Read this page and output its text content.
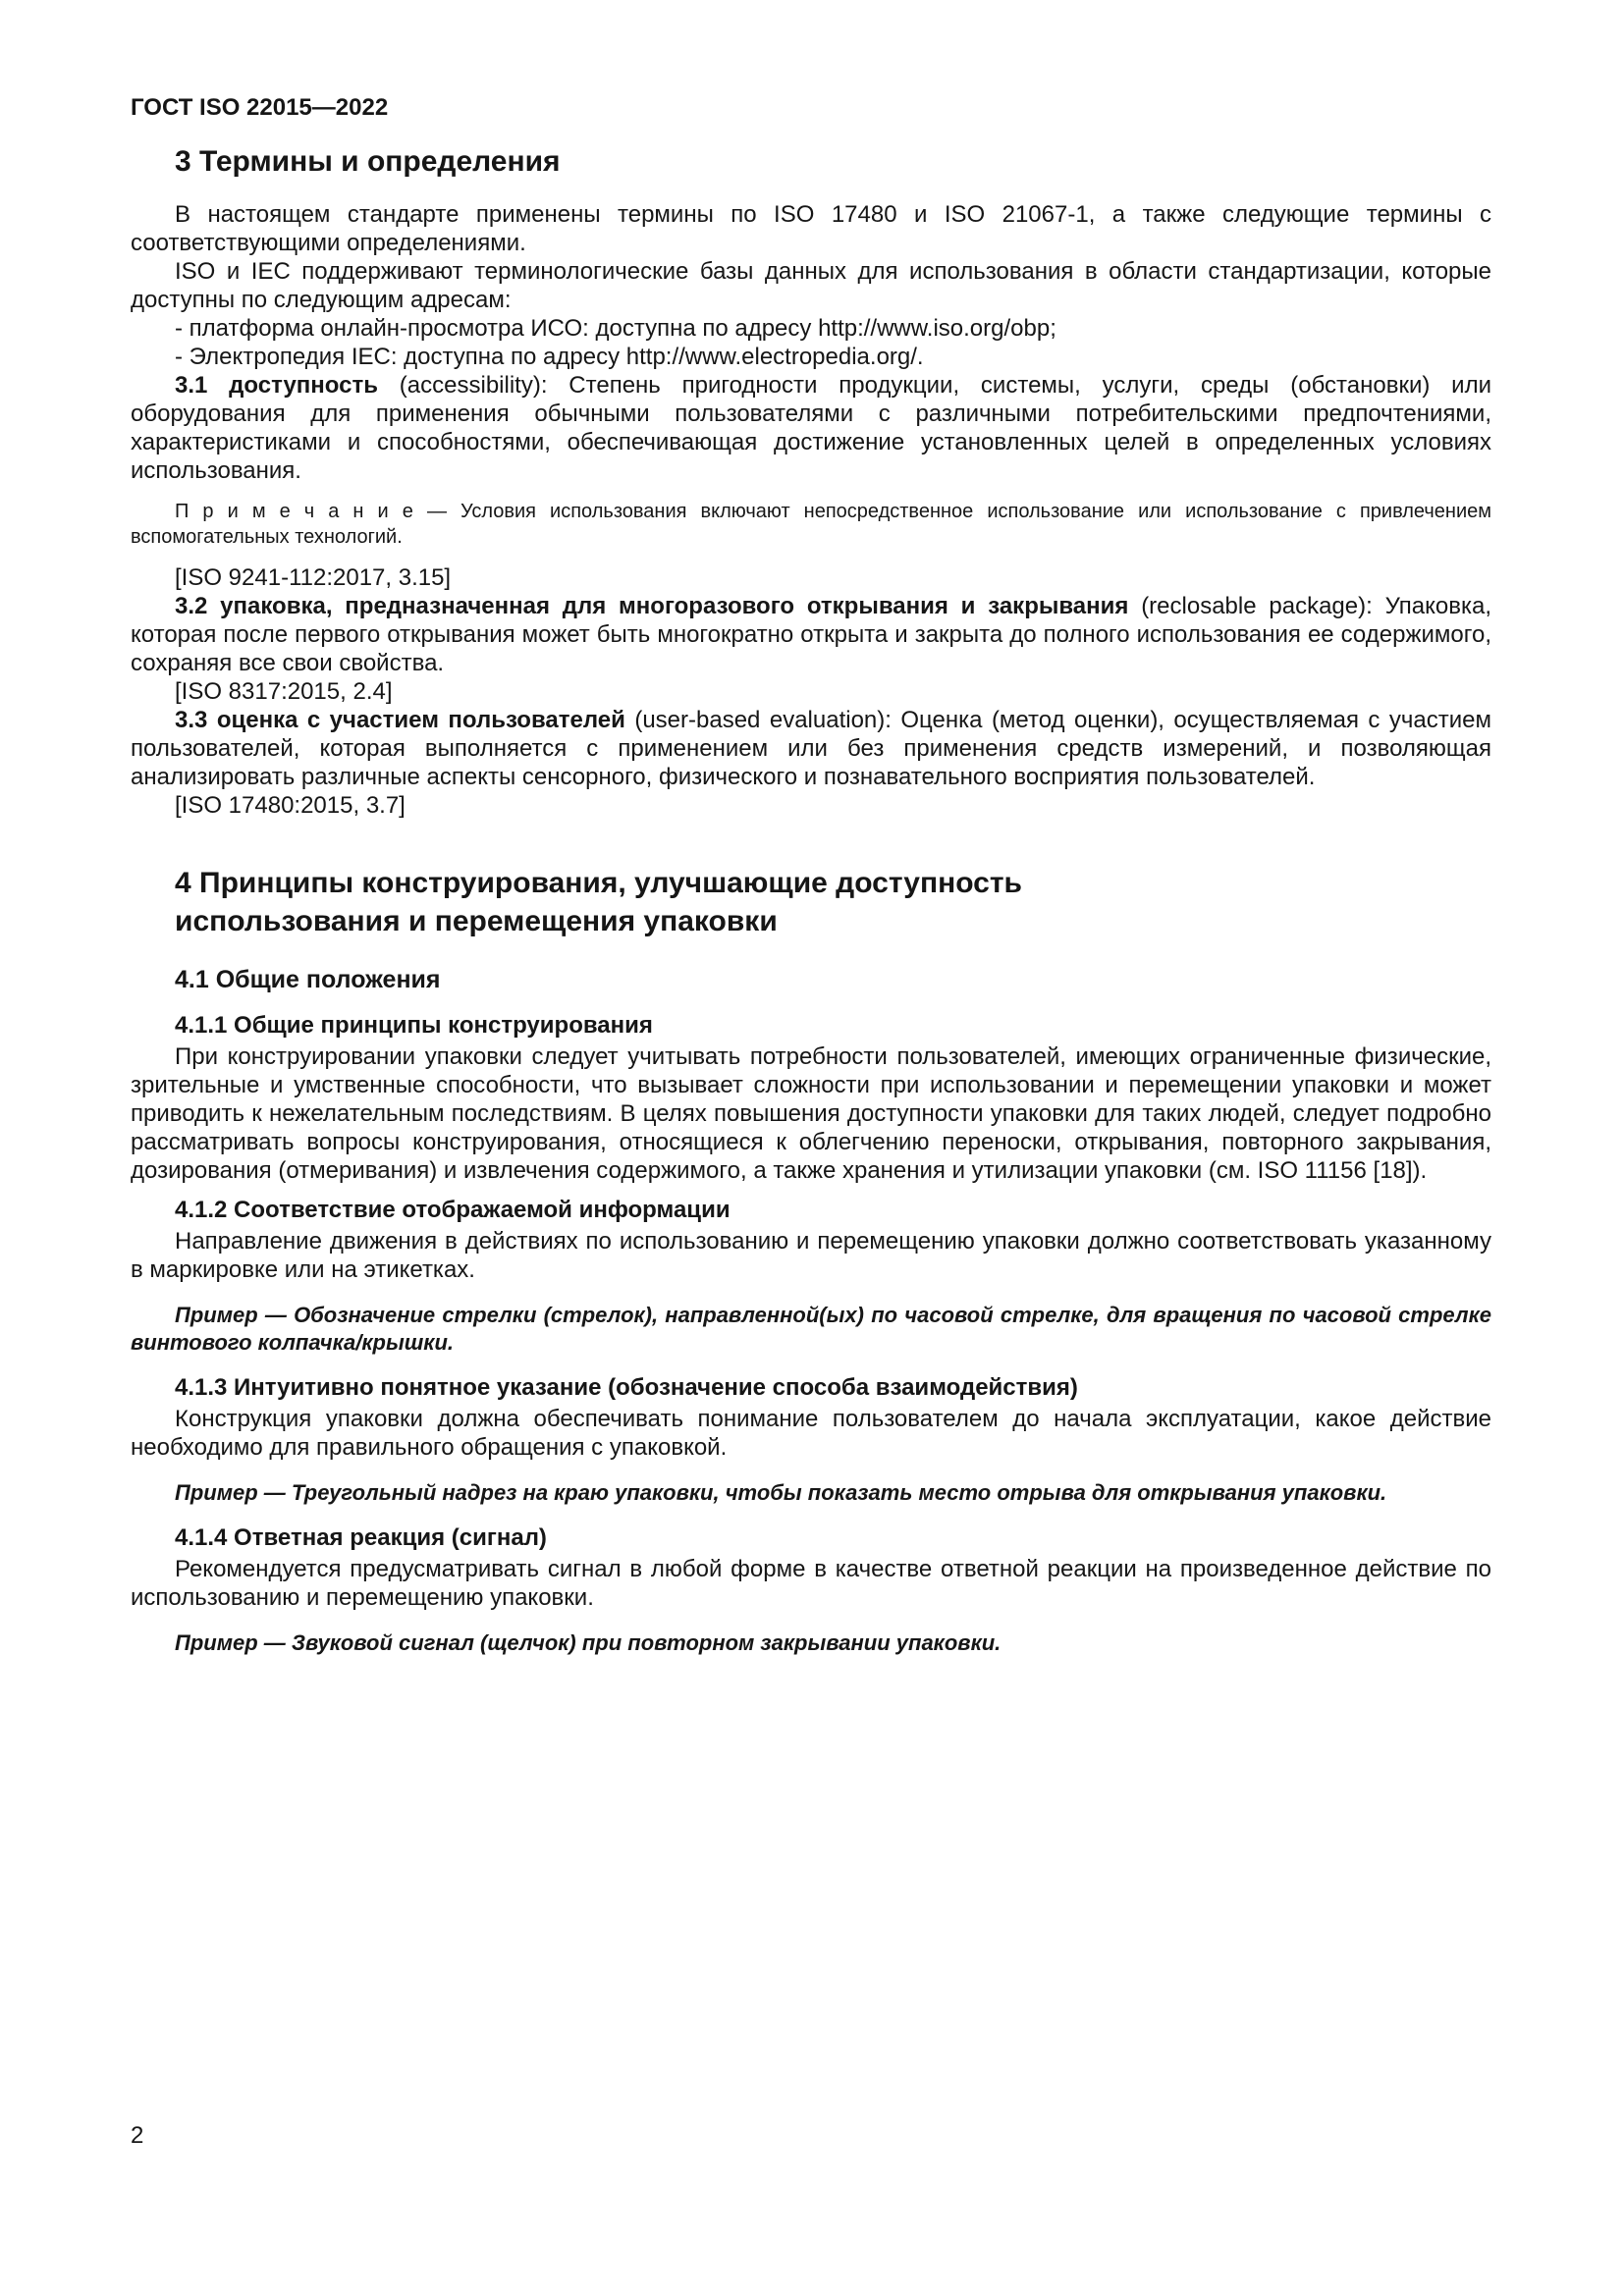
ГОСТ ISO 22015—2022
3 Термины и определения

В настоящем стандарте применены термины по ISO 17480 и ISO 21067-1, а также следующие термины с соответствующими определениями.

ISO и IEC поддерживают терминологические базы данных для использования в области стандартизации, которые доступны по следующим адресам:

- платформа онлайн-просмотра ИСО: доступна по адресу http://www.iso.org/obp;

- Электропедия IEC: доступна по адресу http://www.electropedia.org/.

3.1 доступность (accessibility): Степень пригодности продукции, системы, услуги, среды (обстановки) или оборудования для применения обычными пользователями с различными потребительскими предпочтениями, характеристиками и способностями, обеспечивающая достижение установленных целей в определенных условиях использования.

П р и м е ч а н и е — Условия использования включают непосредственное использование или использование с привлечением вспомогательных технологий.

[ISO 9241-112:2017, 3.15]

3.2 упаковка, предназначенная для многоразового открывания и закрывания (reclosable package): Упаковка, которая после первого открывания может быть многократно открыта и закрыта до полного использования ее содержимого, сохраняя все свои свойства.

[ISO 8317:2015, 2.4]

3.3 оценка с участием пользователей (user-based evaluation): Оценка (метод оценки), осуществляемая с участием пользователей, которая выполняется с применением или без применения средств измерений, и позволяющая анализировать различные аспекты сенсорного, физического и познавательного восприятия пользователей.

[ISO 17480:2015, 3.7]

4 Принципы конструирования, улучшающие доступность использования и перемещения упаковки
4.1 Общие положения
4.1.1 Общие принципы конструирования

При конструировании упаковки следует учитывать потребности пользователей, имеющих ограниченные физические, зрительные и умственные способности, что вызывает сложности при использовании и перемещении упаковки и может приводить к нежелательным последствиям. В целях повышения доступности упаковки для таких людей, следует подробно рассматривать вопросы конструирования, относящиеся к облегчению переноски, открывания, повторного закрывания, дозирования (отмеривания) и извлечения содержимого, а также хранения и утилизации упаковки (см. ISO 11156 [18]).

4.1.2 Соответствие отображаемой информации

Направление движения в действиях по использованию и перемещению упаковки должно соответствовать указанному в маркировке или на этикетках.

Пример — Обозначение стрелки (стрелок), направленной(ых) по часовой стрелке, для вращения по часовой стрелке винтового колпачка/крышки.

4.1.3 Интуитивно понятное указание (обозначение способа взаимодействия)

Конструкция упаковки должна обеспечивать понимание пользователем до начала эксплуатации, какое действие необходимо для правильного обращения с упаковкой.

Пример — Треугольный надрез на краю упаковки, чтобы показать место отрыва для открывания упаковки.

4.1.4 Ответная реакция (сигнал)

Рекомендуется предусматривать сигнал в любой форме в качестве ответной реакции на произведенное действие по использованию и перемещению упаковки.

Пример — Звуковой сигнал (щелчок) при повторном закрывании упаковки.

2
